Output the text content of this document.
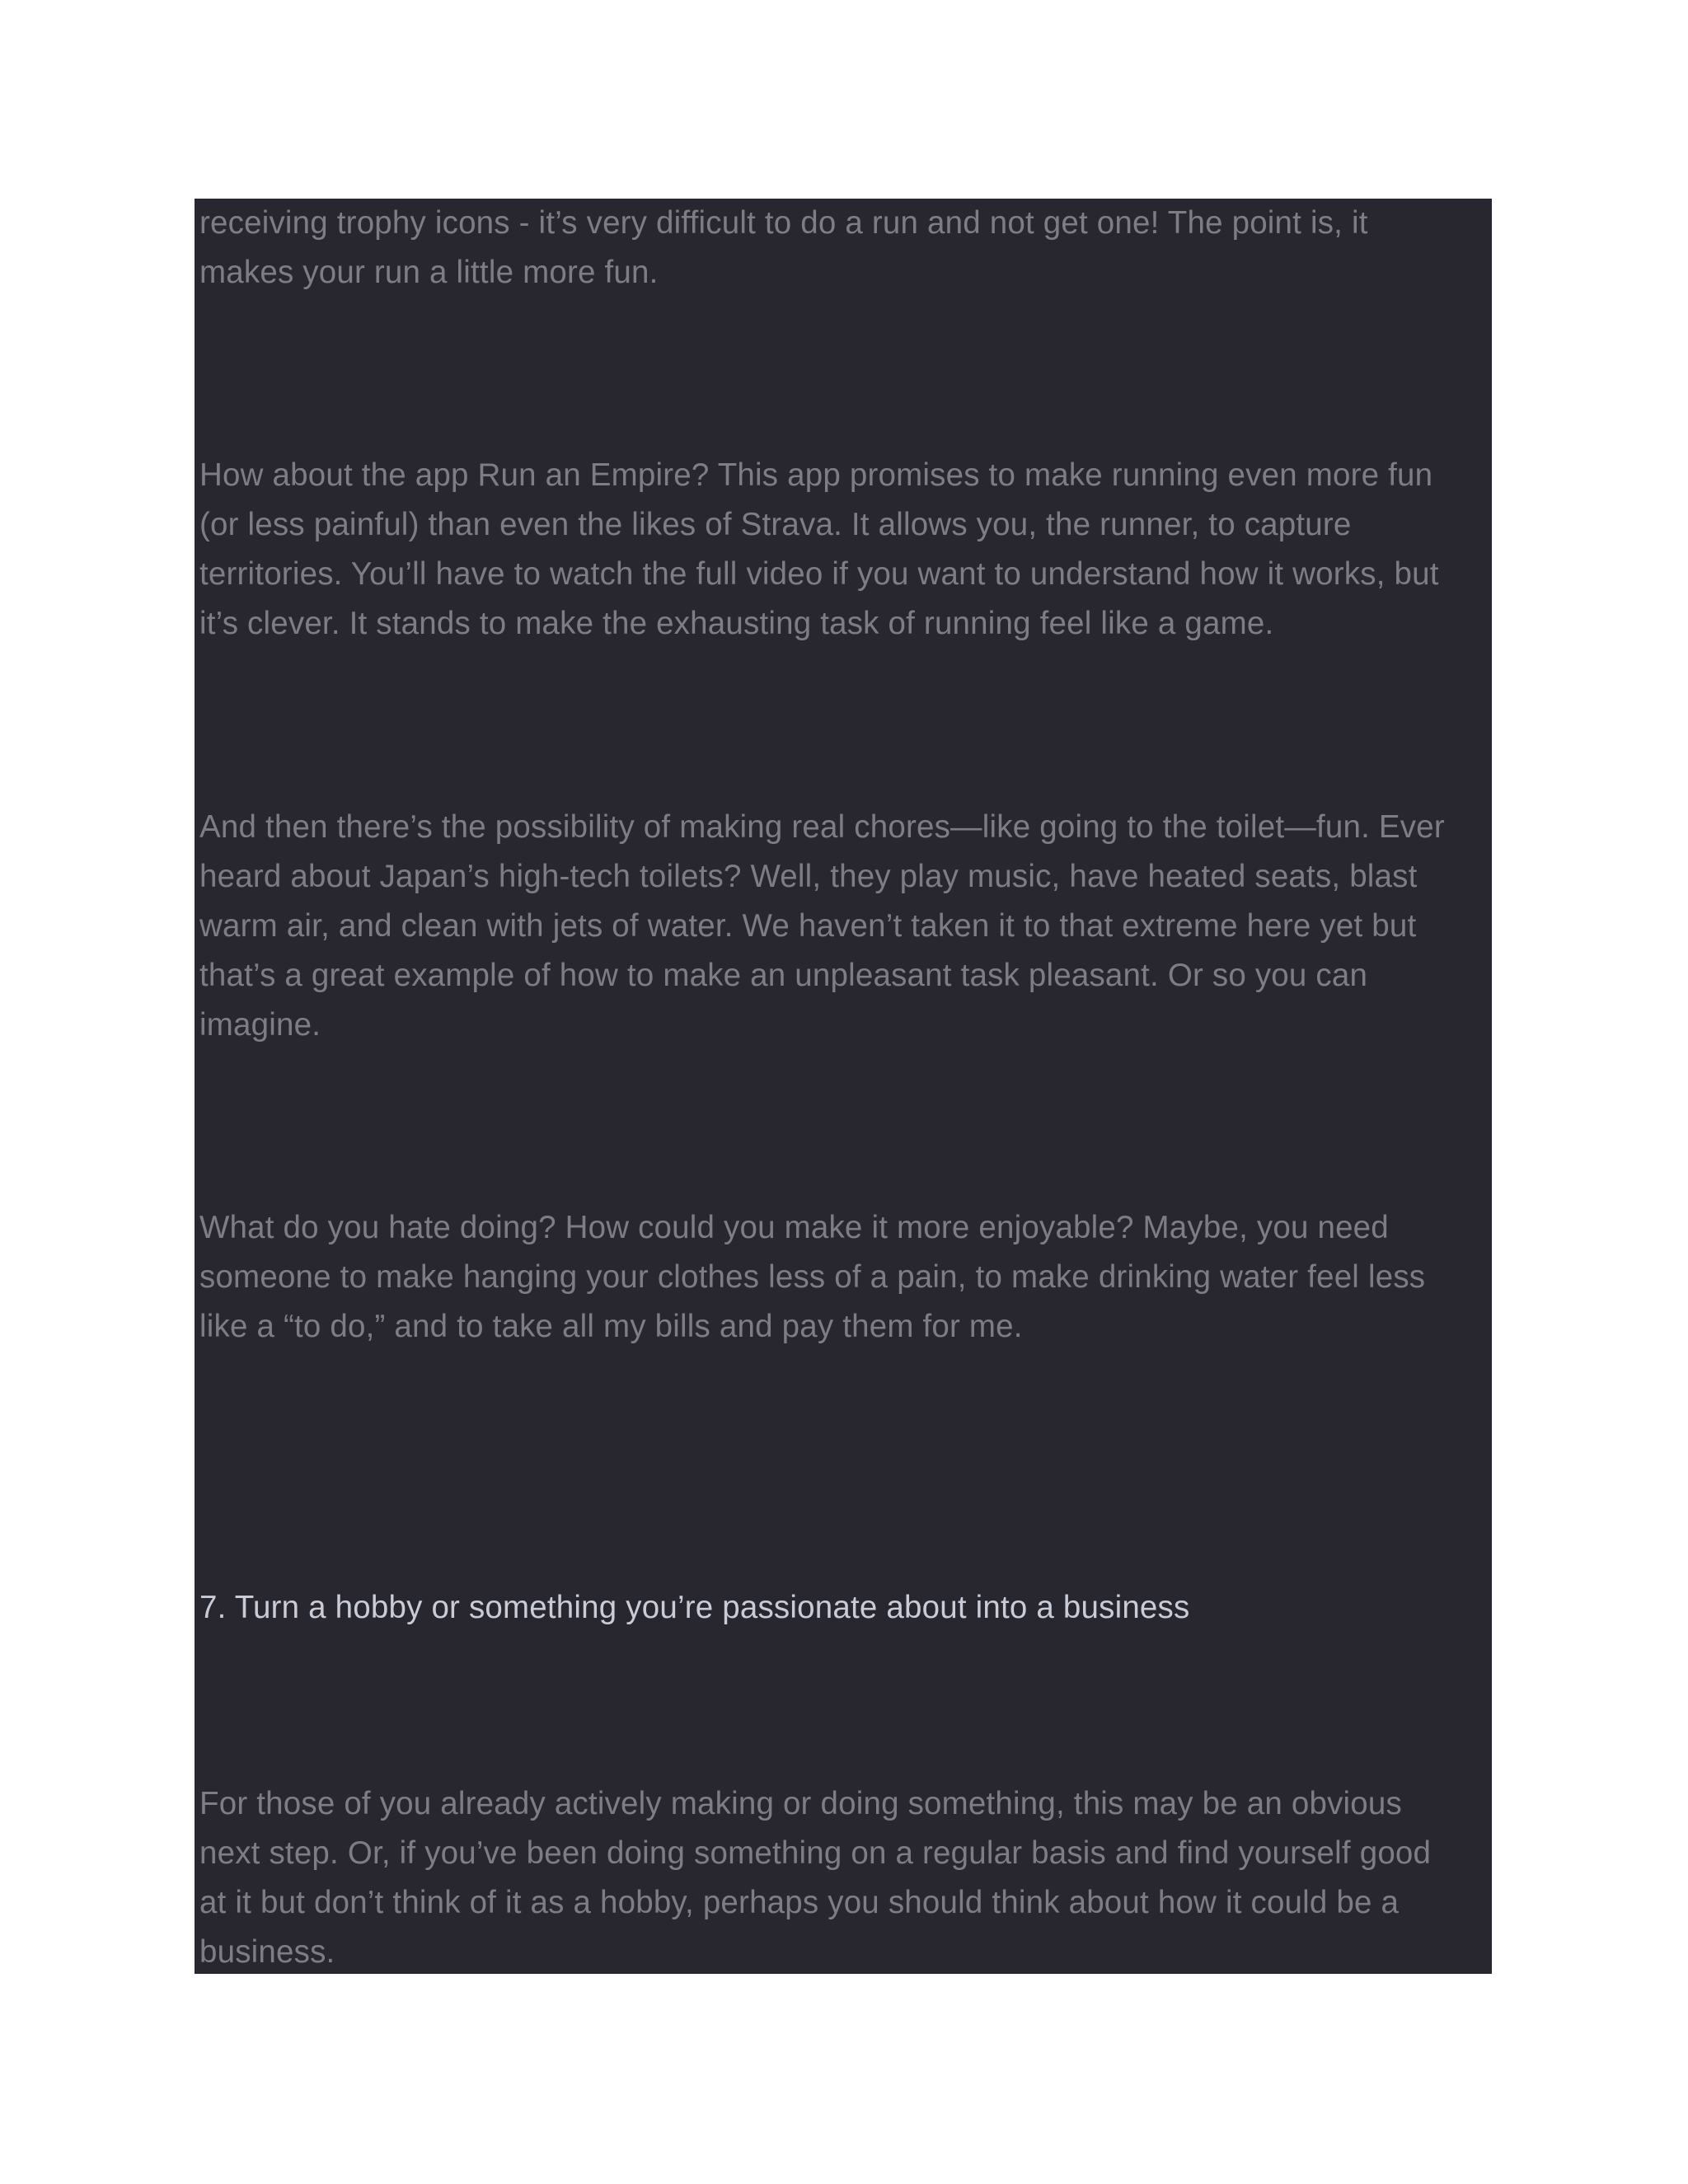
receiving trophy icons - it’s very difficult to do a run and not get one! The point is, it
makes your run a little more fun.

How about the app Run an Empire? This app promises to make running even more fun
(or less painful) than even the likes of Strava. It allows you, the runner, to capture
territories. You’ll have to watch the full video if you want to understand how it works, but
it’s clever. It stands to make the exhausting task of running feel like a game.

And then there’s the possibility of making real chores—like going to the toilet—fun. Ever
heard about Japan’s high-tech toilets? Well, they play music, have heated seats, blast
warm air, and clean with jets of water. We haven’t taken it to that extreme here yet but
that’s a great example of how to make an unpleasant task pleasant. Or so you can
imagine.

What do you hate doing? How could you make it more enjoyable? Maybe, you need
someone to make hanging your clothes less of a pain, to make drinking water feel less
like a “to do,” and to take all my bills and pay them for me.

7. Turn a hobby or something you’re passionate about into a business

For those of you already actively making or doing something, this may be an obvious
next step. Or, if you’ve been doing something on a regular basis and find yourself good
at it but don’t think of it as a hobby, perhaps you should think about how it could be a
business.
